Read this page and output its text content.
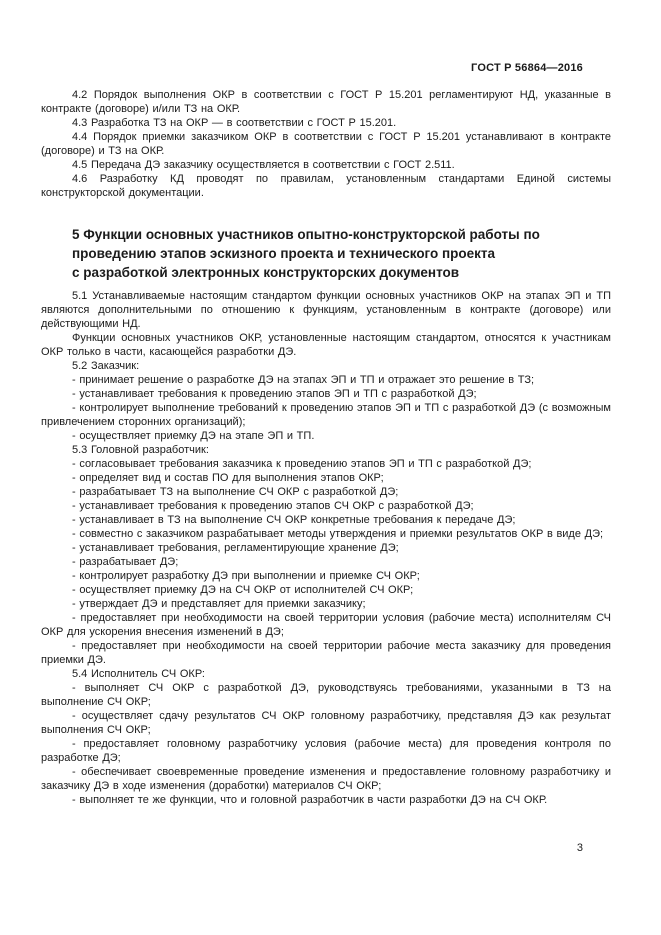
ГОСТ Р 56864—2016

4.2 Порядок выполнения ОКР в соответствии с ГОСТ Р 15.201 регламентируют НД, указанные в контракте (договоре) и/или ТЗ на ОКР.

4.3 Разработка ТЗ на ОКР — в соответствии с ГОСТ Р 15.201.

4.4 Порядок приемки заказчиком ОКР в соответствии с ГОСТ Р 15.201 устанавливают в контракте (договоре) и ТЗ на ОКР.

4.5 Передача ДЭ заказчику осуществляется в соответствии с ГОСТ 2.511.

4.6 Разработку КД проводят по правилам, установленным стандартами Единой системы конструкторской документации.

5 Функции основных участников опытно-конструкторской работы по
проведению этапов эскизного проекта и технического проекта
с разработкой электронных конструкторских документов

5.1 Устанавливаемые настоящим стандартом функции основных участников ОКР на этапах ЭП и ТП являются дополнительными по отношению к функциям, установленным в контракте (договоре) или действующими НД.

Функции основных участников ОКР, установленные настоящим стандартом, относятся к участникам ОКР только в части, касающейся разработки ДЭ.

5.2 Заказчик:

- принимает решение о разработке ДЭ на этапах ЭП и ТП и отражает это решение в ТЗ;

- устанавливает требования к проведению этапов ЭП и ТП с разработкой ДЭ;

- контролирует выполнение требований к проведению этапов ЭП и ТП с разработкой ДЭ (с возможным привлечением сторонних организаций);

- осуществляет приемку ДЭ на этапе ЭП и ТП.

5.3 Головной разработчик:

- согласовывает требования заказчика к проведению этапов ЭП и ТП с разработкой ДЭ;

- определяет вид и состав ПО для выполнения этапов ОКР;

- разрабатывает ТЗ на выполнение СЧ ОКР с разработкой ДЭ;

- устанавливает требования к проведению этапов СЧ ОКР с разработкой ДЭ;

- устанавливает в ТЗ на выполнение СЧ ОКР конкретные требования к передаче ДЭ;

- совместно с заказчиком разрабатывает методы утверждения и приемки результатов ОКР в виде ДЭ;

- устанавливает требования, регламентирующие хранение ДЭ;

- разрабатывает ДЭ;

- контролирует разработку ДЭ при выполнении и приемке СЧ ОКР;

- осуществляет приемку ДЭ на СЧ ОКР от исполнителей СЧ ОКР;

- утверждает ДЭ и представляет для приемки заказчику;

- предоставляет при необходимости на своей территории условия (рабочие места) исполнителям СЧ ОКР для ускорения внесения изменений в ДЭ;

- предоставляет при необходимости на своей территории рабочие места заказчику для проведения приемки ДЭ.

5.4 Исполнитель СЧ ОКР:

- выполняет СЧ ОКР с разработкой ДЭ, руководствуясь требованиями, указанными в ТЗ на выполнение СЧ ОКР;

- осуществляет сдачу результатов СЧ ОКР головному разработчику, представляя ДЭ как результат выполнения СЧ ОКР;

- предоставляет головному разработчику условия (рабочие места) для проведения контроля по разработке ДЭ;

- обеспечивает своевременные проведение изменения и предоставление головному разработчику и заказчику ДЭ в ходе изменения (доработки) материалов СЧ ОКР;

- выполняет те же функции, что и головной разработчик в части разработки ДЭ на СЧ ОКР.

3
